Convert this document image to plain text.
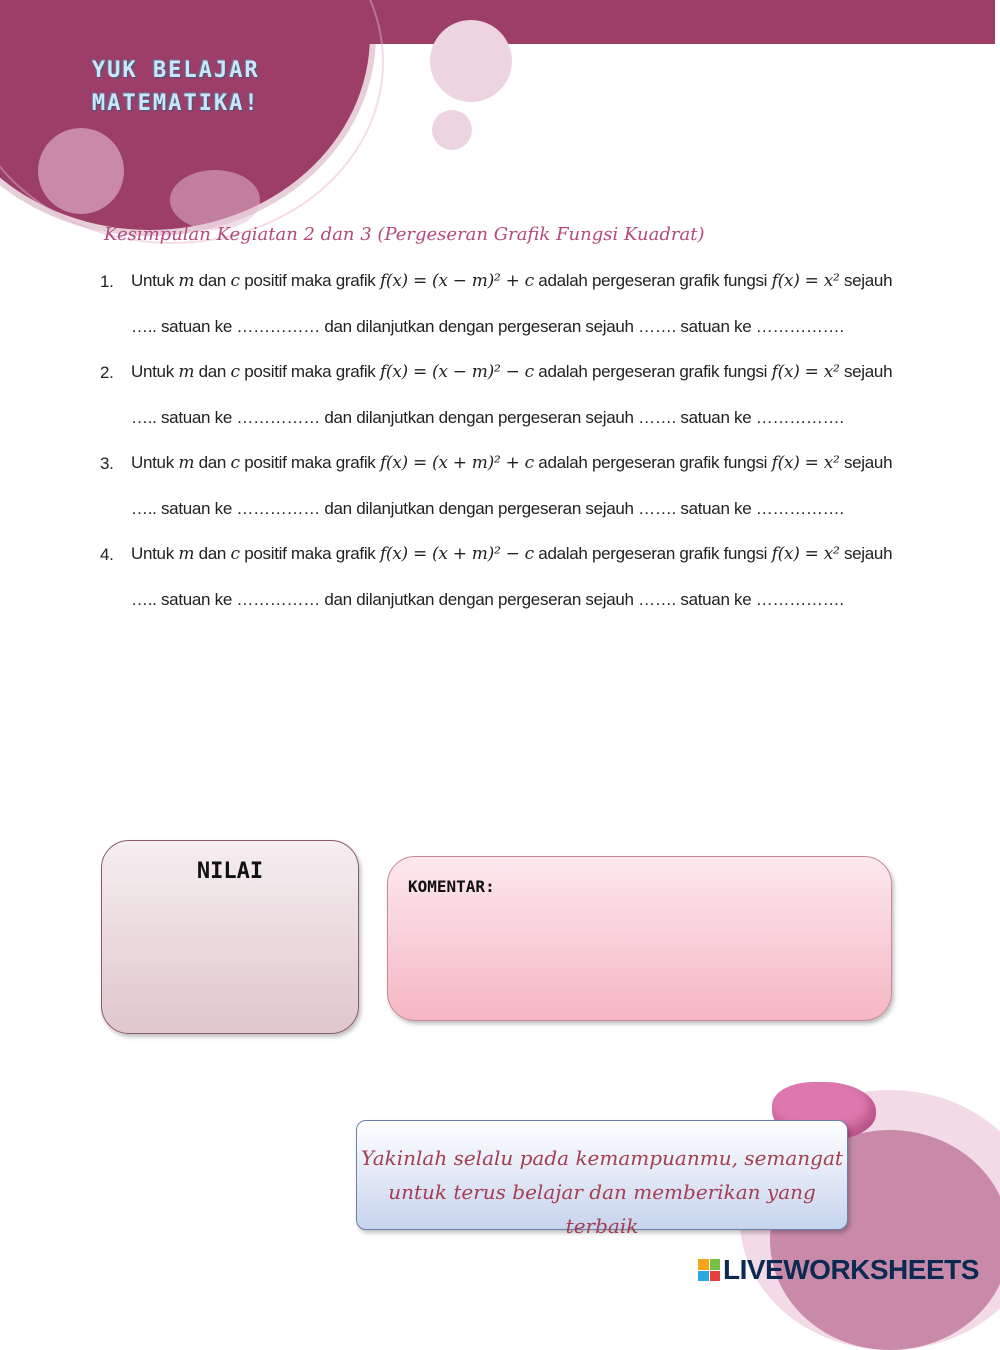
YUK BELAJAR
MATEMATIKA!
Kesimpulan Kegiatan 2 dan 3 (Pergeseran Grafik Fungsi Kuadrat)
1. Untuk m dan c positif maka grafik f(x) = (x − m)² + c adalah pergeseran grafik fungsi f(x) = x² sejauh
….. satuan ke …………… dan dilanjutkan dengan pergeseran sejauh ……. satuan ke …………….
2. Untuk m dan c positif maka grafik f(x) = (x − m)² − c adalah pergeseran grafik fungsi f(x) = x² sejauh
….. satuan ke …………… dan dilanjutkan dengan pergeseran sejauh ……. satuan ke …………….
3. Untuk m dan c positif maka grafik f(x) = (x + m)² + c adalah pergeseran grafik fungsi f(x) = x² sejauh
….. satuan ke …………… dan dilanjutkan dengan pergeseran sejauh ……. satuan ke …………….
4. Untuk m dan c positif maka grafik f(x) = (x + m)² − c adalah pergeseran grafik fungsi f(x) = x² sejauh
….. satuan ke …………… dan dilanjutkan dengan pergeseran sejauh ……. satuan ke …………….
NILAI
KOMENTAR:
Yakinlah selalu pada kemampuanmu, semangat
untuk terus belajar dan memberikan yang terbaik
LIVEWORKSHEETS
